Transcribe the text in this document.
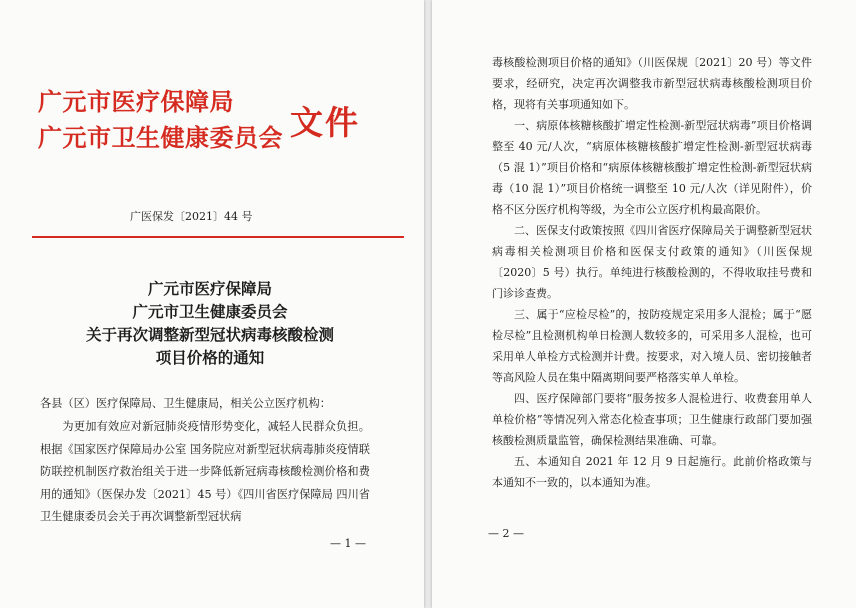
广元市医疗保障局
广元市卫生健康委员会 文件
广医保发〔2021〕44 号
广元市医疗保障局
广元市卫生健康委员会
关于再次调整新型冠状病毒核酸检测
项目价格的通知
各县（区）医疗保障局、卫生健康局，相关公立医疗机构：
为更加有效应对新冠肺炎疫情形势变化，减轻人民群众负担。根据《国家医疗保障局办公室 国务院应对新型冠状病毒肺炎疫情联防联控机制医疗救治组关于进一步降低新冠病毒核酸检测价格和费用的通知》（医保办发〔2021〕45 号）《四川省医疗保障局 四川省卫生健康委员会关于再次调整新型冠状病
— 1 —

毒核酸检测项目价格的通知》（川医保规〔2021〕20 号）等文件要求，经研究，决定再次调整我市新型冠状病毒核酸检测项目价格，现将有关事项通知如下。

一、病原体核糖核酸扩增定性检测-新型冠状病毒”项目价格调整至 40 元/人次，“病原体核糖核酸扩增定性检测-新型冠状病毒（5 混 1）”项目价格和“病原体核糖核酸扩增定性检测-新型冠状病毒（10 混 1）”项目价格统一调整至 10 元/人次（详见附件），价格不区分医疗机构等级，为全市公立医疗机构最高限价。

二、医保支付政策按照《四川省医疗保障局关于调整新型冠状病毒相关检测项目价格和医保支付政策的通知》（川医保规〔2020〕5 号）执行。单纯进行核酸检测的，不得收取挂号费和门诊诊查费。

三、属于“应检尽检”的，按防疫规定采用多人混检；属于“愿检尽检”且检测机构单日检测人数较多的，可采用多人混检，也可采用单人单检方式检测并计费。按要求，对入境人员、密切接触者等高风险人员在集中隔离期间要严格落实单人单检。

四、医疗保障部门要将“服务按多人混检进行、收费套用单人单检价格”等情况列入常态化检查事项；卫生健康行政部门要加强核酸检测质量监管，确保检测结果准确、可靠。

五、本通知自 2021 年 12 月 9 日起施行。此前价格政策与本通知不一致的，以本通知为准。

— 2 —
